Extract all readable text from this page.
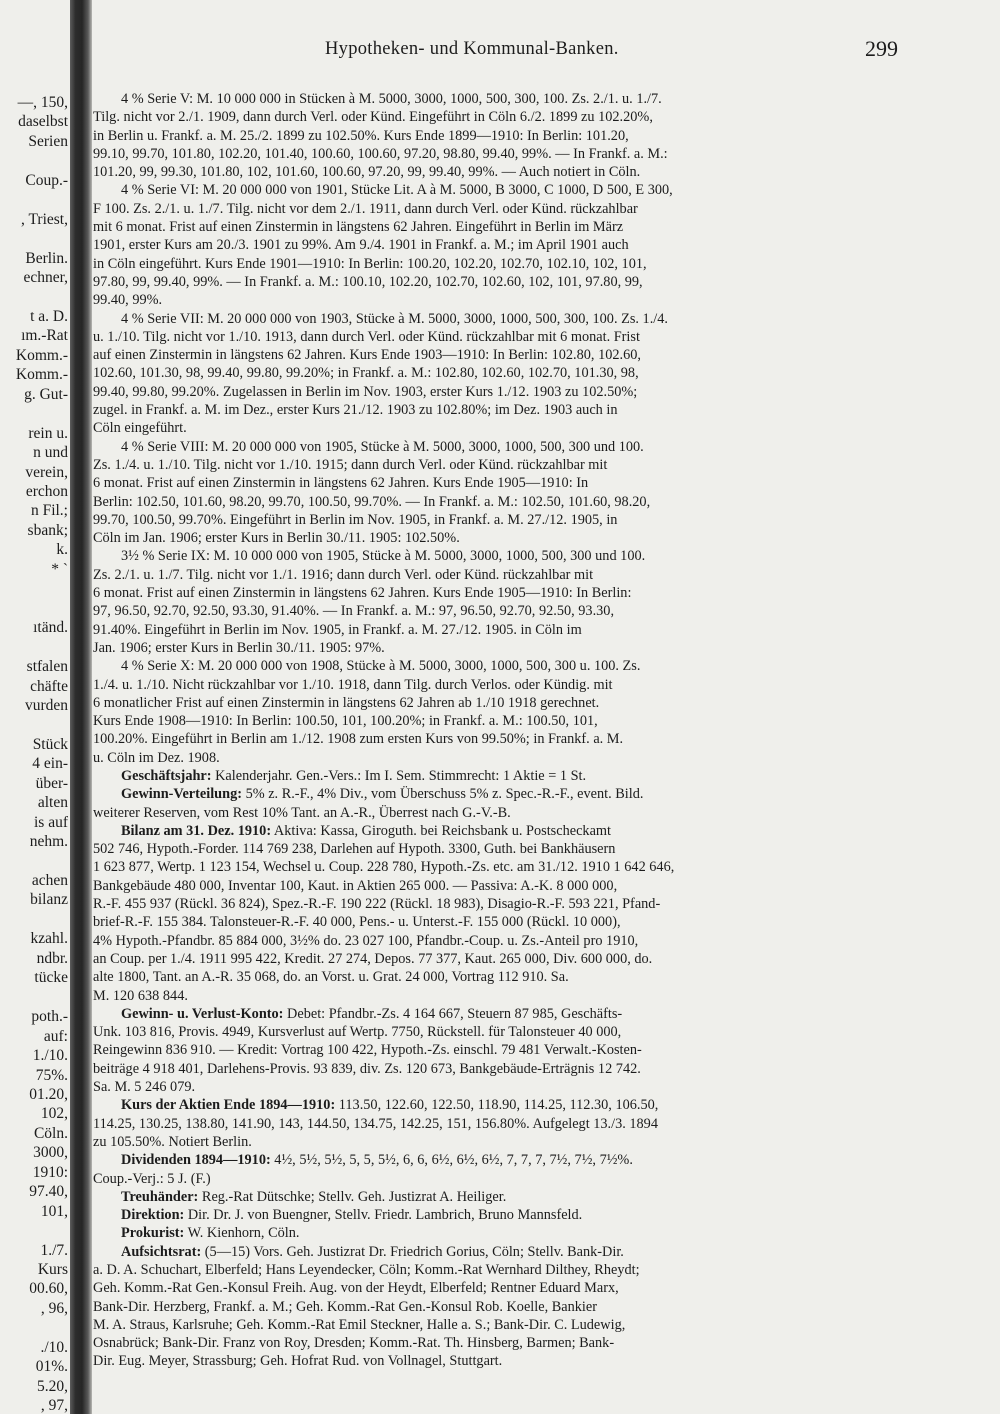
—, 150,
daselbst
Serien
Coup.-
, Triest,
Berlin.
echner,
t a. D.
ım.-Rat
Komm.-
Komm.-
g. Gut-
rein u.
n und
verein,
erchon
n Fil.;
sbank;
k.
* `
ıtänd.
stfalen
chäfte
vurden
Stück
4 ein-
über-
alten
is auf
nehm.
achen
bilanz
kzahl.
ndbr.
tücke
poth.-
auf:
1./10.
75%.
01.20,
102,
Cöln.
3000,
1910:
97.40,
101,
1./7.
Kurs
00.60,
, 96,
./10.
01%.
5.20,
, 97,
Hypotheken- und Kommunal-Banken.	299
4 % Serie V: M. 10 000 000 in Stücken à M. 5000, 3000, 1000, 500, 300, 100. Zs. 2./1. u. 1./7.
Tilg. nicht vor 2./1. 1909, dann durch Verl. oder Künd. Eingeführt in Cöln 6./2. 1899 zu 102.20%,
in Berlin u. Frankf. a. M. 25./2. 1899 zu 102.50%. Kurs Ende 1899—1910: In Berlin: 101.20,
99.10, 99.70, 101.80, 102.20, 101.40, 100.60, 100.60, 97.20, 98.80, 99.40, 99%. — In Frankf. a. M.:
101.20, 99, 99.30, 101.80, 102, 101.60, 100.60, 97.20, 99, 99.40, 99%. — Auch notiert in Cöln.
4 % Serie VI: M. 20 000 000 von 1901, Stücke Lit. A à M. 5000, B 3000, C 1000, D 500, E 300,
F 100. Zs. 2./1. u. 1./7. Tilg. nicht vor dem 2./1. 1911, dann durch Verl. oder Künd. rückzahlbar
mit 6 monat. Frist auf einen Zinstermin in längstens 62 Jahren. Eingeführt in Berlin im März
1901, erster Kurs am 20./3. 1901 zu 99%. Am 9./4. 1901 in Frankf. a. M.; im April 1901 auch
in Cöln eingeführt. Kurs Ende 1901—1910: In Berlin: 100.20, 102.20, 102.70, 102.10, 102, 101,
97.80, 99, 99.40, 99%. — In Frankf. a. M.: 100.10, 102.20, 102.70, 102.60, 102, 101, 97.80, 99,
99.40, 99%.
4 % Serie VII: M. 20 000 000 von 1903, Stücke à M. 5000, 3000, 1000, 500, 300, 100. Zs. 1./4.
u. 1./10. Tilg. nicht vor 1./10. 1913, dann durch Verl. oder Künd. rückzahlbar mit 6 monat. Frist
auf einen Zinstermin in längstens 62 Jahren. Kurs Ende 1903—1910: In Berlin: 102.80, 102.60,
102.60, 101.30, 98, 99.40, 99.80, 99.20%; in Frankf. a. M.: 102.80, 102.60, 102.70, 101.30, 98,
99.40, 99.80, 99.20%. Zugelassen in Berlin im Nov. 1903, erster Kurs 1./12. 1903 zu 102.50%;
zugel. in Frankf. a. M. im Dez., erster Kurs 21./12. 1903 zu 102.80%; im Dez. 1903 auch in
Cöln eingeführt.
4 % Serie VIII: M. 20 000 000 von 1905, Stücke à M. 5000, 3000, 1000, 500, 300 und 100.
Zs. 1./4. u. 1./10. Tilg. nicht vor 1./10. 1915; dann durch Verl. oder Künd. rückzahlbar mit
6 monat. Frist auf einen Zinstermin in längstens 62 Jahren. Kurs Ende 1905—1910: In
Berlin: 102.50, 101.60, 98.20, 99.70, 100.50, 99.70%. — In Frankf. a. M.: 102.50, 101.60, 98.20,
99.70, 100.50, 99.70%. Eingeführt in Berlin im Nov. 1905, in Frankf. a. M. 27./12. 1905, in
Cöln im Jan. 1906; erster Kurs in Berlin 30./11. 1905: 102.50%.
3½ % Serie IX: M. 10 000 000 von 1905, Stücke à M. 5000, 3000, 1000, 500, 300 und 100.
Zs. 2./1. u. 1./7. Tilg. nicht vor 1./1. 1916; dann durch Verl. oder Künd. rückzahlbar mit
6 monat. Frist auf einen Zinstermin in längstens 62 Jahren. Kurs Ende 1905—1910: In Berlin:
97, 96.50, 92.70, 92.50, 93.30, 91.40%. — In Frankf. a. M.: 97, 96.50, 92.70, 92.50, 93.30,
91.40%. Eingeführt in Berlin im Nov. 1905, in Frankf. a. M. 27./12. 1905. in Cöln im
Jan. 1906; erster Kurs in Berlin 30./11. 1905: 97%.
4 % Serie X: M. 20 000 000 von 1908, Stücke à M. 5000, 3000, 1000, 500, 300 u. 100. Zs.
1./4. u. 1./10. Nicht rückzahlbar vor 1./10. 1918, dann Tilg. durch Verlos. oder Kündig. mit
6 monatlicher Frist auf einen Zinstermin in längstens 62 Jahren ab 1./10 1918 gerechnet.
Kurs Ende 1908—1910: In Berlin: 100.50, 101, 100.20%; in Frankf. a. M.: 100.50, 101,
100.20%. Eingeführt in Berlin am 1./12. 1908 zum ersten Kurs von 99.50%; in Frankf. a. M.
u. Cöln im Dez. 1908.
Geschäftsjahr: Kalenderjahr. Gen.-Vers.: Im I. Sem. Stimmrecht: 1 Aktie = 1 St.
Gewinn-Verteilung: 5% z. R.-F., 4% Div., vom Überschuss 5% z. Spec.-R.-F., event. Bild.
weiterer Reserven, vom Rest 10% Tant. an A.-R., Überrest nach G.-V.-B.
Bilanz am 31. Dez. 1910: Aktiva: Kassa, Giroguth. bei Reichsbank u. Postscheckamt
502 746, Hypoth.-Forder. 114 769 238, Darlehen auf Hypoth. 3300, Guth. bei Bankhäusern
1 623 877, Wertp. 1 123 154, Wechsel u. Coup. 228 780, Hypoth.-Zs. etc. am 31./12. 1910 1 642 646,
Bankgebäude 480 000, Inventar 100, Kaut. in Aktien 265 000. — Passiva: A.-K. 8 000 000,
R.-F. 455 937 (Rückl. 36 824), Spez.-R.-F. 190 222 (Rückl. 18 983), Disagio-R.-F. 593 221, Pfand-
brief-R.-F. 155 384. Talonsteuer-R.-F. 40 000, Pens.- u. Unterst.-F. 155 000 (Rückl. 10 000),
4% Hypoth.-Pfandbr. 85 884 000, 3½% do. 23 027 100, Pfandbr.-Coup. u. Zs.-Anteil pro 1910,
an Coup. per 1./4. 1911 995 422, Kredit. 27 274, Depos. 77 377, Kaut. 265 000, Div. 600 000, do.
alte 1800, Tant. an A.-R. 35 068, do. an Vorst. u. Grat. 24 000, Vortrag 112 910. Sa.
M. 120 638 844.
Gewinn- u. Verlust-Konto: Debet: Pfandbr.-Zs. 4 164 667, Steuern 87 985, Geschäfts-
Unk. 103 816, Provis. 4949, Kursverlust auf Wertp. 7750, Rückstell. für Talonsteuer 40 000,
Reingewinn 836 910. — Kredit: Vortrag 100 422, Hypoth.-Zs. einschl. 79 481 Verwalt.-Kosten-
beiträge 4 918 401, Darlehens-Provis. 93 839, div. Zs. 120 673, Bankgebäude-Erträgnis 12 742.
Sa. M. 5 246 079.
Kurs der Aktien Ende 1894—1910: 113.50, 122.60, 122.50, 118.90, 114.25, 112.30, 106.50,
114.25, 130.25, 138.80, 141.90, 143, 144.50, 134.75, 142.25, 151, 156.80%. Aufgelegt 13./3. 1894
zu 105.50%. Notiert Berlin.
Dividenden 1894—1910: 4½, 5½, 5½, 5, 5, 5½, 6, 6, 6½, 6½, 6½, 7, 7, 7, 7½, 7½, 7½%.
Coup.-Verj.: 5 J. (F.)
Treuhänder: Reg.-Rat Dütschke; Stellv. Geh. Justizrat A. Heiliger.
Direktion: Dir. Dr. J. von Buengner, Stellv. Friedr. Lambrich, Bruno Mannsfeld.
Prokurist: W. Kienhorn, Cöln.
Aufsichtsrat: (5—15) Vors. Geh. Justizrat Dr. Friedrich Gorius, Cöln; Stellv. Bank-Dir.
a. D. A. Schuchart, Elberfeld; Hans Leyendecker, Cöln; Komm.-Rat Wernhard Dilthey, Rheydt;
Geh. Komm.-Rat Gen.-Konsul Freih. Aug. von der Heydt, Elberfeld; Rentner Eduard Marx,
Bank-Dir. Herzberg, Frankf. a. M.; Geh. Komm.-Rat Gen.-Konsul Rob. Koelle, Bankier
M. A. Straus, Karlsruhe; Geh. Komm.-Rat Emil Steckner, Halle a. S.; Bank-Dir. C. Ludewig,
Osnabrück; Bank-Dir. Franz von Roy, Dresden; Komm.-Rat. Th. Hinsberg, Barmen; Bank-
Dir. Eug. Meyer, Strassburg; Geh. Hofrat Rud. von Vollnagel, Stuttgart.
